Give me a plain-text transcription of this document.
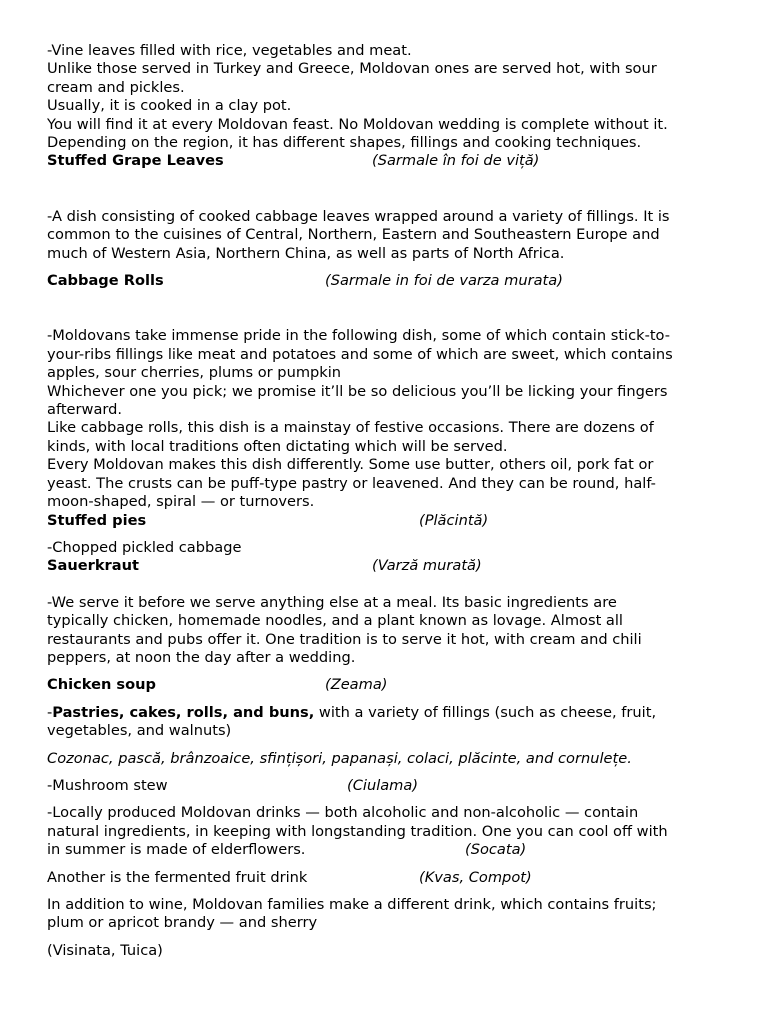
-Vine leaves filled with rice, vegetables and meat.
Unlike those served in Turkey and Greece, Moldovan ones are served hot, with sour
cream and pickles.
Usually, it is cooked in a clay pot.
You will find it at every Moldovan feast. No Moldovan wedding is complete without it.
Depending on the region, it has different shapes, fillings and cooking techniques.
Stuffed Grape Leaves	(Sarmale în foi de viță)
-A dish consisting of cooked cabbage leaves wrapped around a variety of fillings. It is
common to the cuisines of Central, Northern, Eastern and Southeastern Europe and
much of Western Asia, Northern China, as well as parts of North Africa.
Cabbage Rolls	(Sarmale in foi de varza murata)
-Moldovans take immense pride in the following dish, some of which contain stick-to-
your-ribs fillings like meat and potatoes and some of which are sweet, which contains
apples, sour cherries, plums or pumpkin
Whichever one you pick; we promise it’ll be so delicious you’ll be licking your fingers
afterward.
Like cabbage rolls, this dish is a mainstay of festive occasions. There are dozens of
kinds, with local traditions often dictating which will be served.
Every Moldovan makes this dish differently. Some use butter, others oil, pork fat or
yeast. The crusts can be puff-type pastry or leavened. And they can be round, half-
moon-shaped, spiral — or turnovers.
Stuffed pies	(Plăcintă)
-Chopped pickled cabbage
Sauerkraut	(Varză murată)
-We serve it before we serve anything else at a meal. Its basic ingredients are
typically chicken, homemade noodles, and a plant known as lovage. Almost all
restaurants and pubs offer it. One tradition is to serve it hot, with cream and chili
peppers, at noon the day after a wedding.
Chicken soup	(Zeama)
-Pastries, cakes, rolls, and buns, with a variety of fillings (such as cheese, fruit,
vegetables, and walnuts)
Cozonac, pască, brânzoaice, sfințișori, papanași, colaci, plăcinte, and cornulețe.
-Mushroom stew	(Ciulama)
-Locally produced Moldovan drinks — both alcoholic and non-alcoholic — contain
natural ingredients, in keeping with longstanding tradition. One you can cool off with
in summer is made of elderflowers.	(Socata)
Another is the fermented fruit drink	(Kvas, Compot)
In addition to wine, Moldovan families make a different drink, which contains fruits;
plum or apricot brandy — and sherry
(Visinata, Tuica)
